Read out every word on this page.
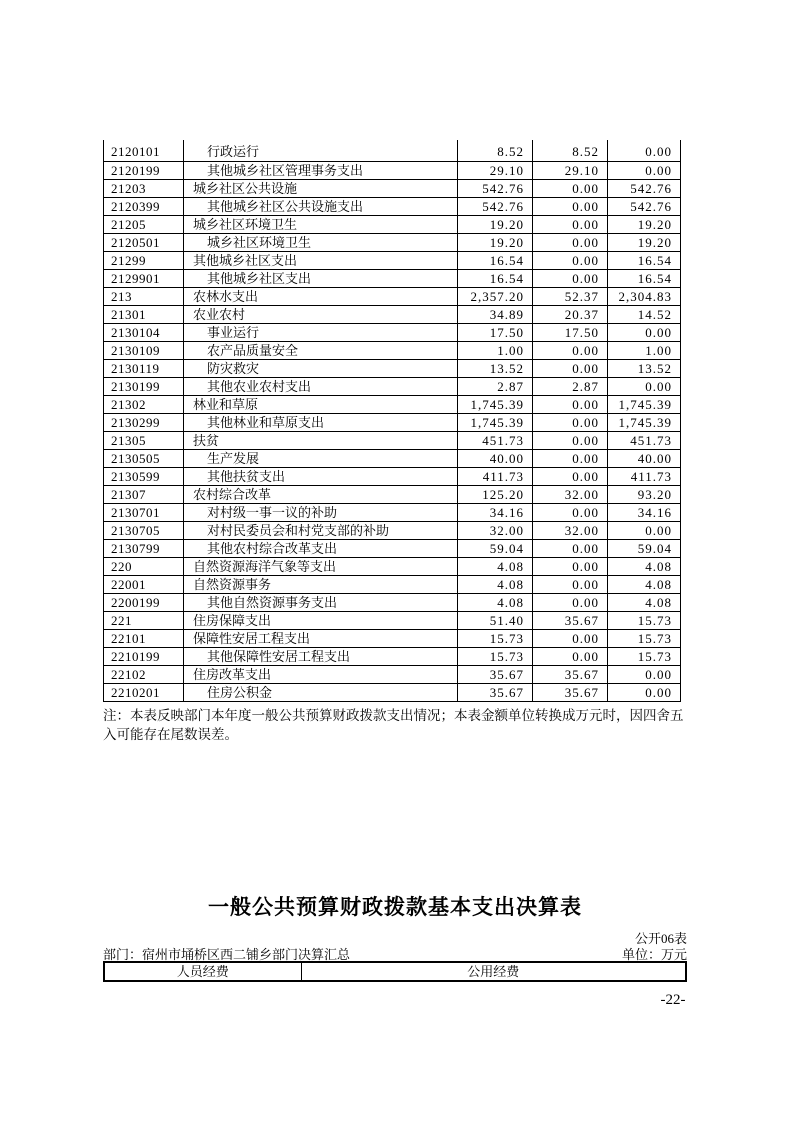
2120101	行政运行	8.52	8.52	0.00
2120199	其他城乡社区管理事务支出	29.10	29.10	0.00
21203	城乡社区公共设施	542.76	0.00	542.76
2120399	其他城乡社区公共设施支出	542.76	0.00	542.76
21205	城乡社区环境卫生	19.20	0.00	19.20
2120501	城乡社区环境卫生	19.20	0.00	19.20
21299	其他城乡社区支出	16.54	0.00	16.54
2129901	其他城乡社区支出	16.54	0.00	16.54
213	农林水支出	2,357.20	52.37	2,304.83
21301	农业农村	34.89	20.37	14.52
2130104	事业运行	17.50	17.50	0.00
2130109	农产品质量安全	1.00	0.00	1.00
2130119	防灾救灾	13.52	0.00	13.52
2130199	其他农业农村支出	2.87	2.87	0.00
21302	林业和草原	1,745.39	0.00	1,745.39
2130299	其他林业和草原支出	1,745.39	0.00	1,745.39
21305	扶贫	451.73	0.00	451.73
2130505	生产发展	40.00	0.00	40.00
2130599	其他扶贫支出	411.73	0.00	411.73
21307	农村综合改革	125.20	32.00	93.20
2130701	对村级一事一议的补助	34.16	0.00	34.16
2130705	对村民委员会和村党支部的补助	32.00	32.00	0.00
2130799	其他农村综合改革支出	59.04	0.00	59.04
220	自然资源海洋气象等支出	4.08	0.00	4.08
22001	自然资源事务	4.08	0.00	4.08
2200199	其他自然资源事务支出	4.08	0.00	4.08
221	住房保障支出	51.40	35.67	15.73
22101	保障性安居工程支出	15.73	0.00	15.73
2210199	其他保障性安居工程支出	15.73	0.00	15.73
22102	住房改革支出	35.67	35.67	0.00
2210201	住房公积金	35.67	35.67	0.00
注：本表反映部门本年度一般公共预算财政拨款支出情况；本表金额单位转换成万元时，因四舍五入可能存在尾数误差。
一般公共预算财政拨款基本支出决算表
公开06表
部门：宿州市埇桥区西二铺乡部门决算汇总	单位：万元
人员经费	公用经费
-22-
